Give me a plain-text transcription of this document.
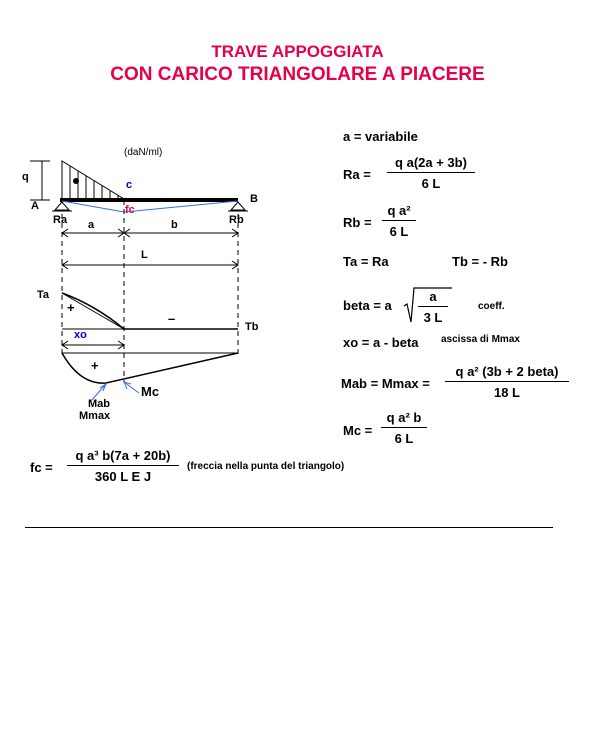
TRAVE APPOGGIATA
CON CARICO TRIANGOLARE A PIACERE
(daN/ml)
q
c
A
B
fc
Ra	Rb
a	b
L
Ta
Tb
+
–
xo
+
Mc
Mab
Mmax
a = variabile
$Ra = \frac{\text{q a(2a + 3b)}}{6 L}$
$Rb = \frac{\text{q a²}}{6 L}$
Ta = Ra	Tb = - Rb
beta = a $\frac{a}{3 L}$	coeff.
xo = a - beta ascissa di Mmax
Mab = Mmax =
q a² (3b + 2 beta)
18 L
$Mc = \frac{\text{q a² b}}{6 L}$
fc = $\frac{\text{q a³ b(7a + 20b)}}{\text{360 L E J}}$ (freccia nella punta del triangolo)
